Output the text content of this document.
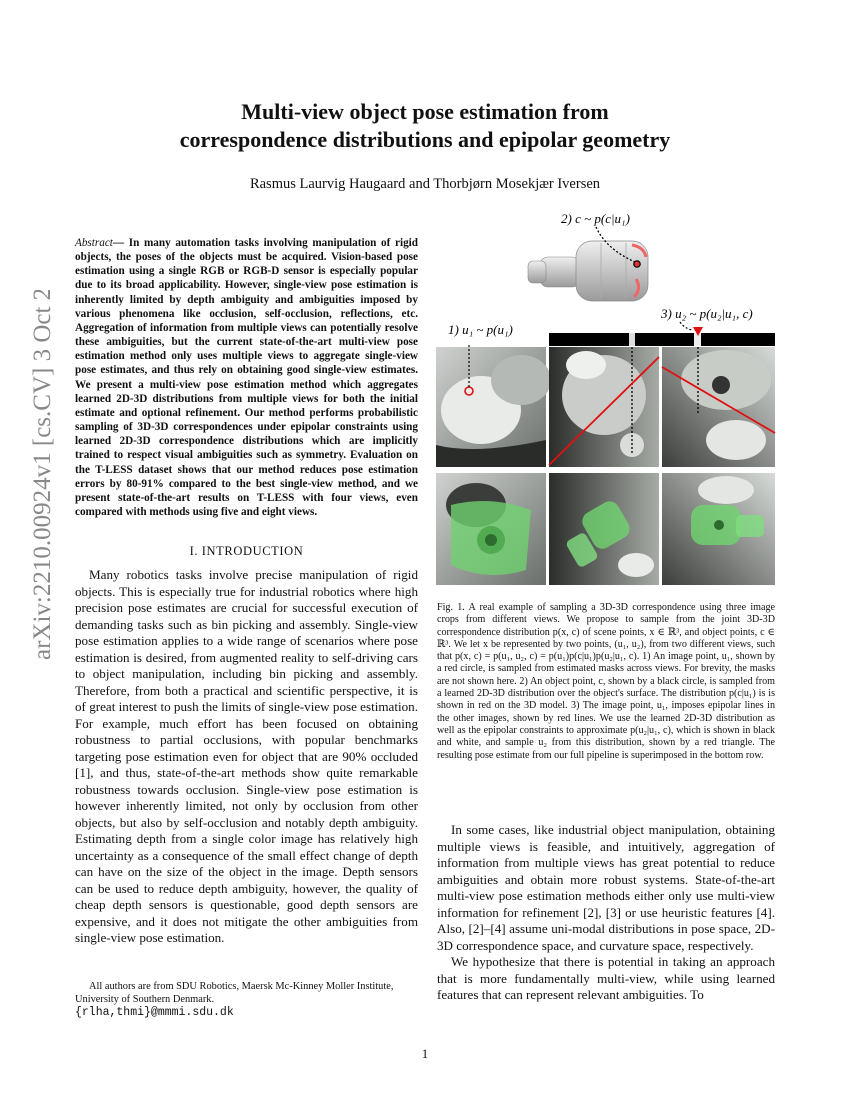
arXiv:2210.00924v1 [cs.CV] 3 Oct 2022
Multi-view object pose estimation from
correspondence distributions and epipolar geometry
Rasmus Laurvig Haugaard and Thorbjørn Mosekjær Iversen
Abstract— In many automation tasks involving manipulation of rigid objects, the poses of the objects must be acquired. Vision-based pose estimation using a single RGB or RGB-D sensor is especially popular due to its broad applicability. However, single-view pose estimation is inherently limited by depth ambiguity and ambiguities imposed by various phenomena like occlusion, self-occlusion, reflections, etc. Aggregation of information from multiple views can potentially resolve these ambiguities, but the current state-of-the-art multi-view pose estimation method only uses multiple views to aggregate single-view pose estimates, and thus rely on obtaining good single-view estimates. We present a multi-view pose estimation method which aggregates learned 2D-3D distributions from multiple views for both the initial estimate and optional refinement. Our method performs probabilistic sampling of 3D-3D correspondences under epipolar constraints using learned 2D-3D correspondence distributions which are implicitly trained to respect visual ambiguities such as symmetry. Evaluation on the T-LESS dataset shows that our method reduces pose estimation errors by 80-91% compared to the best single-view method, and we present state-of-the-art results on T-LESS with four views, even compared with methods using five and eight views.
I. INTRODUCTION

Many robotics tasks involve precise manipulation of rigid objects. This is especially true for industrial robotics where high precision pose estimates are crucial for successful execution of demanding tasks such as bin picking and assembly. Single-view pose estimation applies to a wide range of scenarios where pose estimation is desired, from augmented reality to self-driving cars to object manipulation, including bin picking and assembly. Therefore, from both a practical and scientific perspective, it is of great interest to push the limits of single-view pose estimation. For example, much effort has been focused on obtaining robustness to partial occlusions, with popular benchmarks targeting pose estimation even for object that are 90% occluded [1], and thus, state-of-the-art methods show quite remarkable robustness towards occlusion. Single-view pose estimation is however inherently limited, not only by occlusion from other objects, but also by self-occlusion and notably depth ambiguity. Estimating depth from a single color image has relatively high uncertainty as a consequence of the small effect change of depth can have on the size of the object in the image. Depth sensors can be used to reduce depth ambiguity, however, the quality of cheap depth sensors is questionable, good depth sensors are expensive, and it does not mitigate the other ambiguities from single-view pose estimation.

All authors are from SDU Robotics, Maersk Mc-Kinney Moller Institute, University of Southern Denmark.
{rlha,thmi}@mmmi.sdu.dk
2) c ~ p(c|u₁)
1) u₁ ~ p(u₁)
3) u₂ ~ p(u₂|u₁, c)
Fig. 1. A real example of sampling a 3D-3D correspondence using three image crops from different views. We propose to sample from the joint 3D-3D correspondence distribution p(x, c) of scene points, x ∈ ℝ³, and object points, c ∈ ℝ³. We let x be represented by two points, (u₁, u₂), from two different views, such that p(x, c) = p(u₁, u₂, c) = p(u₁)p(c|u₁)p(u₂|u₁, c). 1) An image point, u₁, shown by a red circle, is sampled from estimated masks across views. For brevity, the masks are not shown here. 2) An object point, c, shown by a black circle, is sampled from a learned 2D-3D distribution over the object's surface. The distribution p(c|u₁) is is shown in red on the 3D model. 3) The image point, u₁, imposes epipolar lines in the other images, shown by red lines. We use the learned 2D-3D distribution as well as the epipolar constraints to approximate p(u₂|u₁, c), which is shown in black and white, and sample u₂ from this distribution, shown by a red triangle. The resulting pose estimate from our full pipeline is superimposed in the bottom row.

In some cases, like industrial object manipulation, obtaining multiple views is feasible, and intuitively, aggregation of information from multiple views has great potential to reduce ambiguities and obtain more robust systems. State-of-the-art multi-view pose estimation methods either only use multi-view information for refinement [2], [3] or use heuristic features [4]. Also, [2]–[4] assume uni-modal distributions in pose space, 2D-3D correspondence space, and curvature space, respectively.

We hypothesize that there is potential in taking an approach that is more fundamentally multi-view, while using learned features that can represent relevant ambiguities. To

1
